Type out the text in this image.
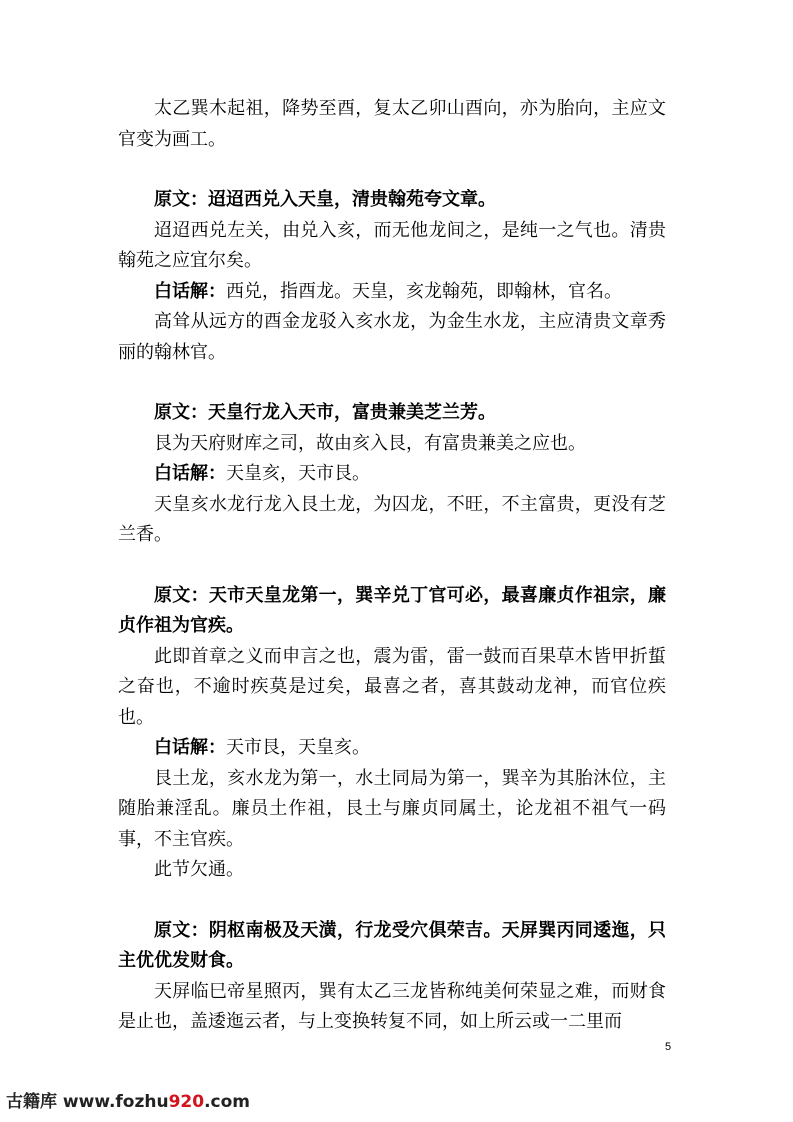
太乙巽木起祖，降势至酉，复太乙卯山酉向，亦为胎向，主应文官变为画工。

原文：迢迢西兑入天皇，清贵翰苑夸文章。

迢迢西兑左关，由兑入亥，而无他龙间之，是纯一之气也。清贵翰苑之应宜尔矣。

白话解：西兑，指酉龙。天皇，亥龙翰苑，即翰林，官名。

高耸从远方的酉金龙驳入亥水龙，为金生水龙，主应清贵文章秀丽的翰林官。

原文：天皇行龙入天市，富贵兼美芝兰芳。

艮为天府财库之司，故由亥入艮，有富贵兼美之应也。

白话解：天皇亥，天市艮。

天皇亥水龙行龙入艮土龙，为囚龙，不旺，不主富贵，更没有芝兰香。

原文：天市天皇龙第一，巽辛兑丁官可必，最喜廉贞作祖宗，廉贞作祖为官疾。

此即首章之义而申言之也，震为雷，雷一鼓而百果草木皆甲折蜇之奋也，不逾时疾莫是过矣，最喜之者，喜其鼓动龙神，而官位疾也。

白话解：天市艮，天皇亥。

艮土龙，亥水龙为第一，水土同局为第一，巽辛为其胎沐位，主随胎兼淫乱。廉员土作祖，艮土与廉贞同属土，论龙祖不祖气一码事，不主官疾。

此节欠通。

原文：阴枢南极及天潢，行龙受穴俱荣吉。天屏巽丙同逶迤，只主优优发财食。

天屏临巳帝星照丙，巽有太乙三龙皆称纯美何荣显之难，而财食是止也，盖逶迤云者，与上变换转复不同，如上所云或一二里而

5
古籍库 www.fozhu920.com
